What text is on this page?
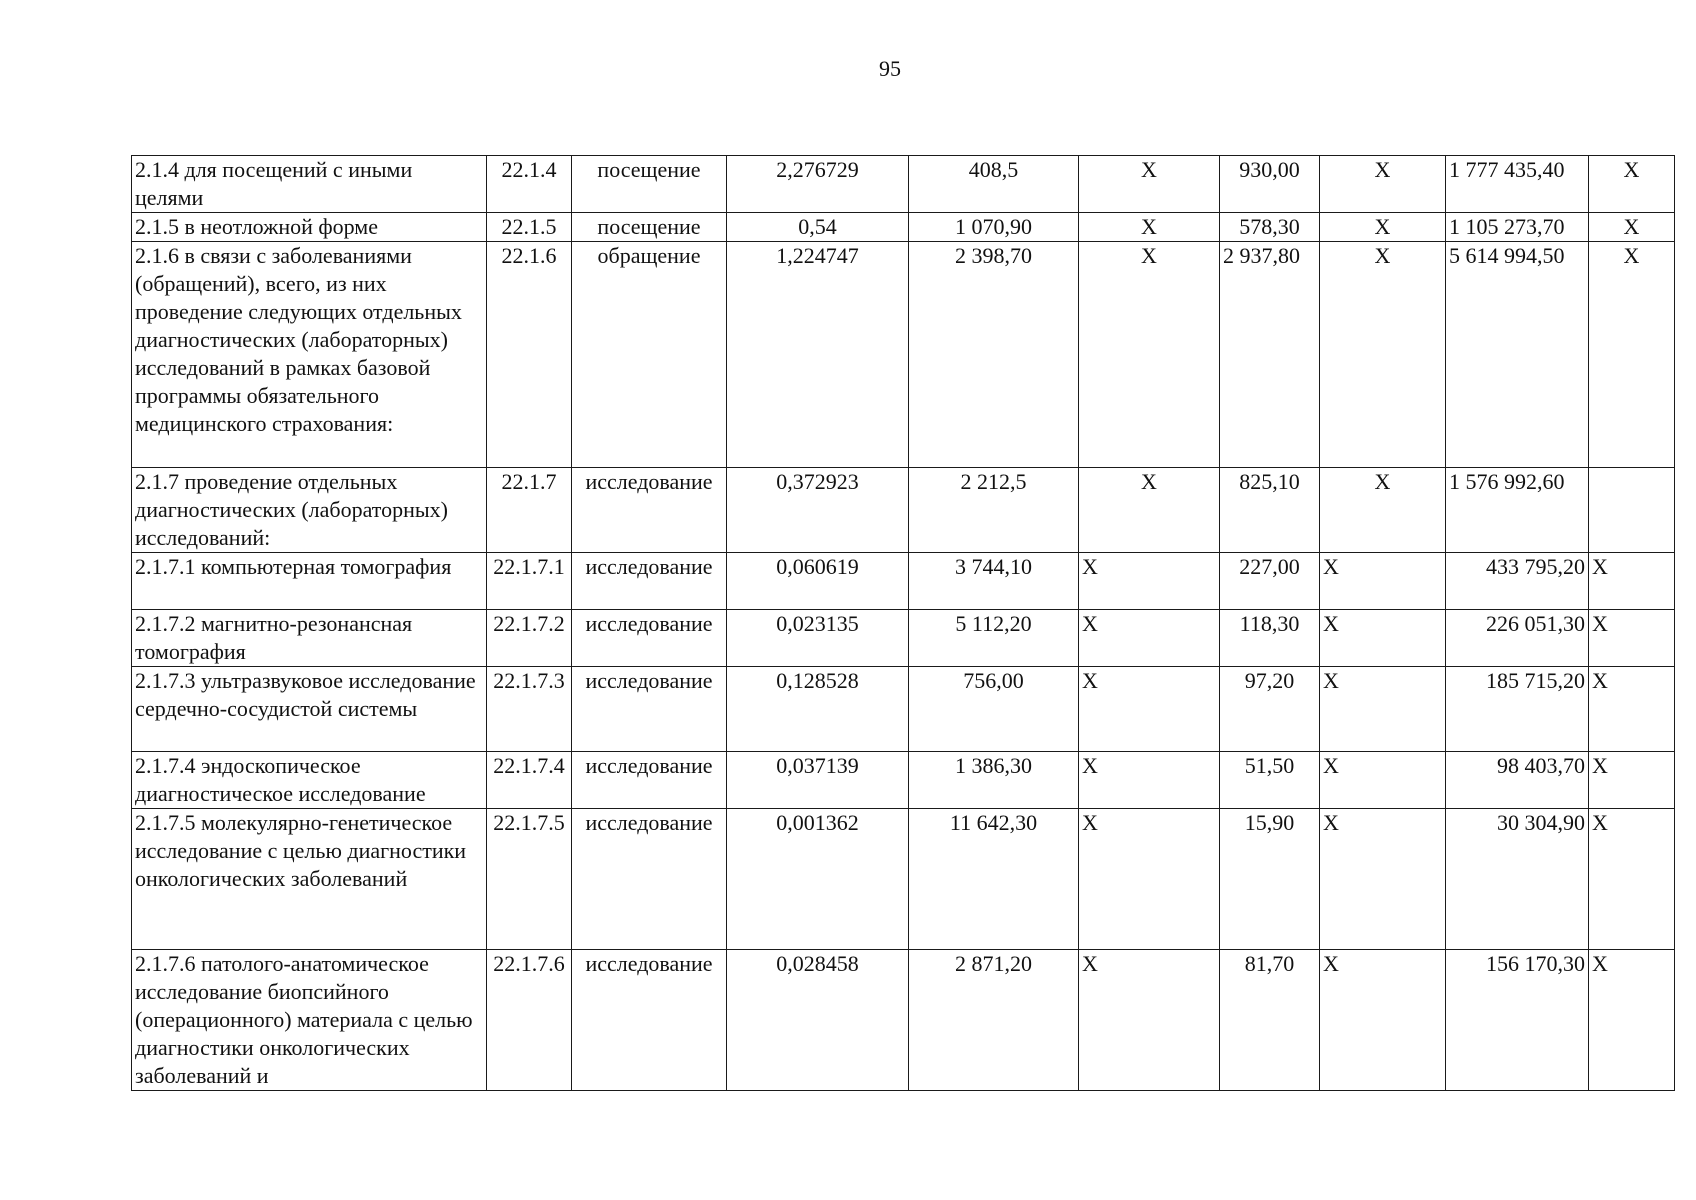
95
2.1.4 для посещений с иными целями	22.1.4	посещение	2,276729	408,5	Х	930,00	Х	1 777 435,40	Х
2.1.5 в неотложной форме	22.1.5	посещение	0,54	1 070,90	Х	578,30	Х	1 105 273,70	Х
2.1.6 в связи с заболеваниями (обращений), всего, из них проведение следующих отдельных диагностических (лабораторных) исследований в рамках базовой программы обязательного медицинского страхования:	22.1.6	обращение	1,224747	2 398,70	Х	2 937,80	Х	5 614 994,50	Х
2.1.7 проведение отдельных диагностических (лабораторных) исследований:	22.1.7	исследование	0,372923	2 212,5	Х	825,10	Х	1 576 992,60	
2.1.7.1 компьютерная томография	22.1.7.1	исследование	0,060619	3 744,10	Х	227,00	Х	433 795,20	Х
2.1.7.2 магнитно-резонансная томография	22.1.7.2	исследование	0,023135	5 112,20	Х	118,30	Х	226 051,30	Х
2.1.7.3 ультразвуковое исследование сердечно-сосудистой системы	22.1.7.3	исследование	0,128528	756,00	Х	97,20	Х	185 715,20	Х
2.1.7.4 эндоскопическое диагностическое исследование	22.1.7.4	исследование	0,037139	1 386,30	Х	51,50	Х	98 403,70	Х
2.1.7.5 молекулярно-генетическое исследование с целью диагностики онкологических заболеваний	22.1.7.5	исследование	0,001362	11 642,30	Х	15,90	Х	30 304,90	Х
2.1.7.6 патолого-анатомическое исследование биопсийного (операционного) материала с целью диагностики онкологических заболеваний и	22.1.7.6	исследование	0,028458	2 871,20	Х	81,70	Х	156 170,30	Х
